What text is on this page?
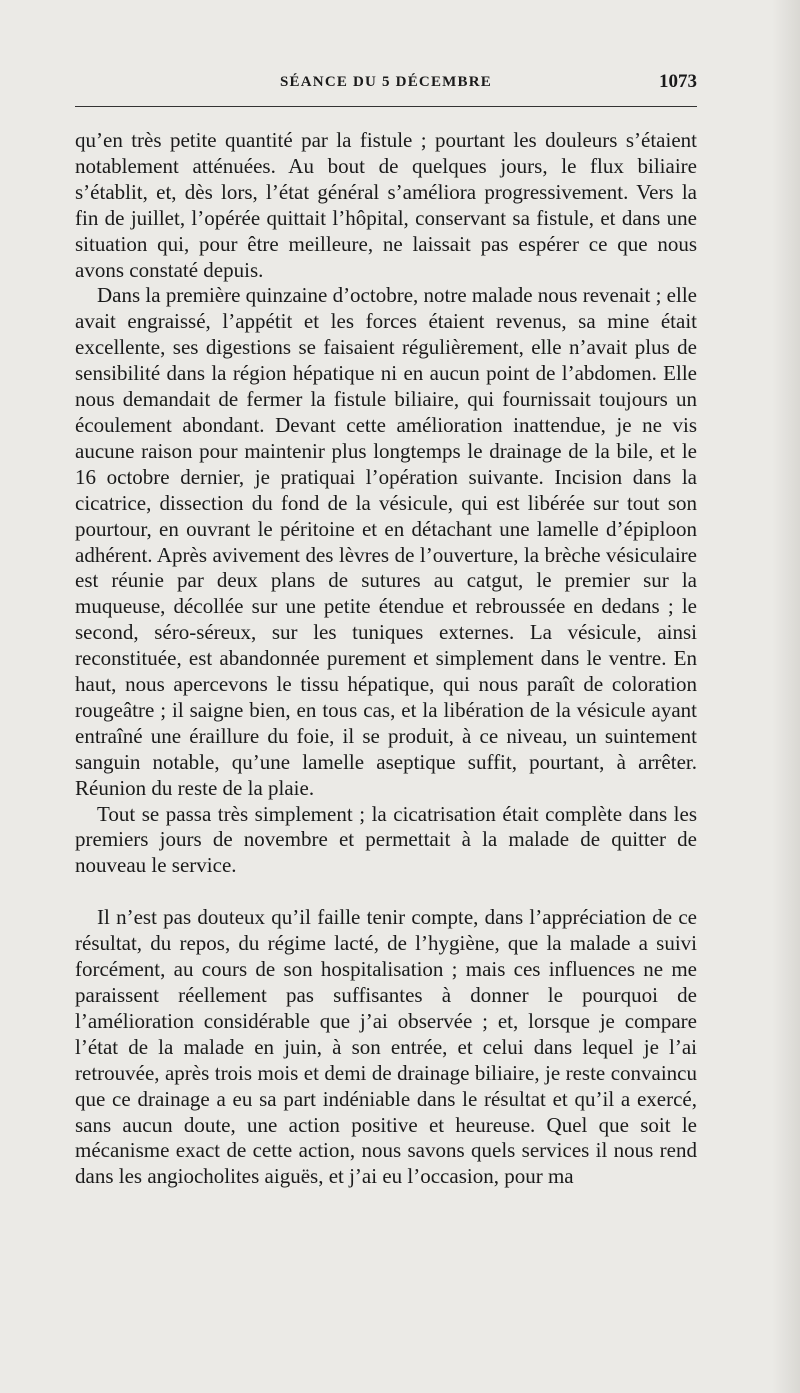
SÉANCE DU 5 DÉCEMBRE	1073

qu’en très petite quantité par la fistule ; pourtant les douleurs s’étaient notablement atténuées. Au bout de quelques jours, le flux biliaire s’établit, et, dès lors, l’état général s’améliora progressivement. Vers la fin de juillet, l’opérée quittait l’hôpital, conservant sa fistule, et dans une situation qui, pour être meilleure, ne laissait pas espérer ce que nous avons constaté depuis.

Dans la première quinzaine d’octobre, notre malade nous revenait ; elle avait engraissé, l’appétit et les forces étaient revenus, sa mine était excellente, ses digestions se faisaient régulièrement, elle n’avait plus de sensibilité dans la région hépatique ni en aucun point de l’abdomen. Elle nous demandait de fermer la fistule biliaire, qui fournissait toujours un écoulement abondant. Devant cette amélioration inattendue, je ne vis aucune raison pour maintenir plus longtemps le drainage de la bile, et le 16 octobre dernier, je pratiquai l’opération suivante. Incision dans la cicatrice, dissection du fond de la vésicule, qui est libérée sur tout son pourtour, en ouvrant le péritoine et en détachant une lamelle d’épiploon adhérent. Après avivement des lèvres de l’ouverture, la brèche vésiculaire est réunie par deux plans de sutures au catgut, le premier sur la muqueuse, décollée sur une petite étendue et rebroussée en dedans ; le second, séro-séreux, sur les tuniques externes. La vésicule, ainsi reconstituée, est abandonnée purement et simplement dans le ventre. En haut, nous apercevons le tissu hépatique, qui nous paraît de coloration rougeâtre ; il saigne bien, en tous cas, et la libération de la vésicule ayant entraîné une éraillure du foie, il se produit, à ce niveau, un suintement sanguin notable, qu’une lamelle aseptique suffit, pourtant, à arrêter. Réunion du reste de la plaie.

Tout se passa très simplement ; la cicatrisation était complète dans les premiers jours de novembre et permettait à la malade de quitter de nouveau le service.

Il n’est pas douteux qu’il faille tenir compte, dans l’appréciation de ce résultat, du repos, du régime lacté, de l’hygiène, que la malade a suivi forcément, au cours de son hospitalisation ; mais ces influences ne me paraissent réellement pas suffisantes à donner le pourquoi de l’amélioration considérable que j’ai observée ; et, lorsque je compare l’état de la malade en juin, à son entrée, et celui dans lequel je l’ai retrouvée, après trois mois et demi de drainage biliaire, je reste convaincu que ce drainage a eu sa part indéniable dans le résultat et qu’il a exercé, sans aucun doute, une action positive et heureuse. Quel que soit le mécanisme exact de cette action, nous savons quels services il nous rend dans les angiocholites aiguës, et j’ai eu l’occasion, pour ma
